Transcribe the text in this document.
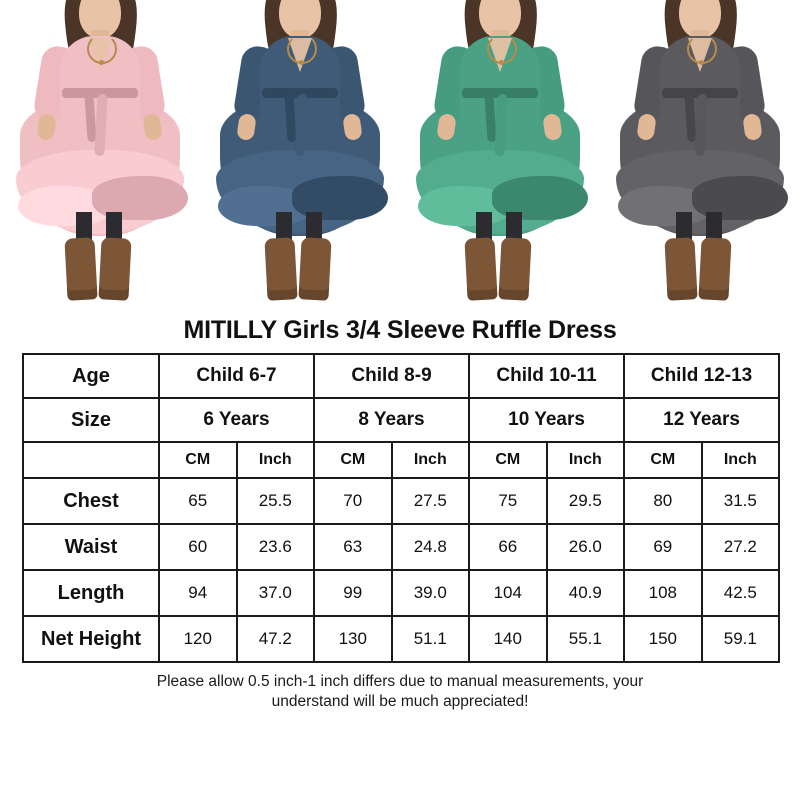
MITILLY Girls 3/4 Sleeve Ruffle Dress
Age	Child 6-7		Child 8-9		Child 10-11		Child 12-13	
Size	6 Years		8 Years		10 Years		12 Years	
	CM	Inch	CM	Inch	CM	Inch	CM	Inch
Chest	65	25.5	70	27.5	75	29.5	80	31.5
Waist	60	23.6	63	24.8	66	26.0	69	27.2
Length	94	37.0	99	39.0	104	40.9	108	42.5
Net Height	120	47.2	130	51.1	140	55.1	150	59.1
Please allow 0.5 inch-1 inch differs due to manual measurements, your
understand will be much appreciated!
